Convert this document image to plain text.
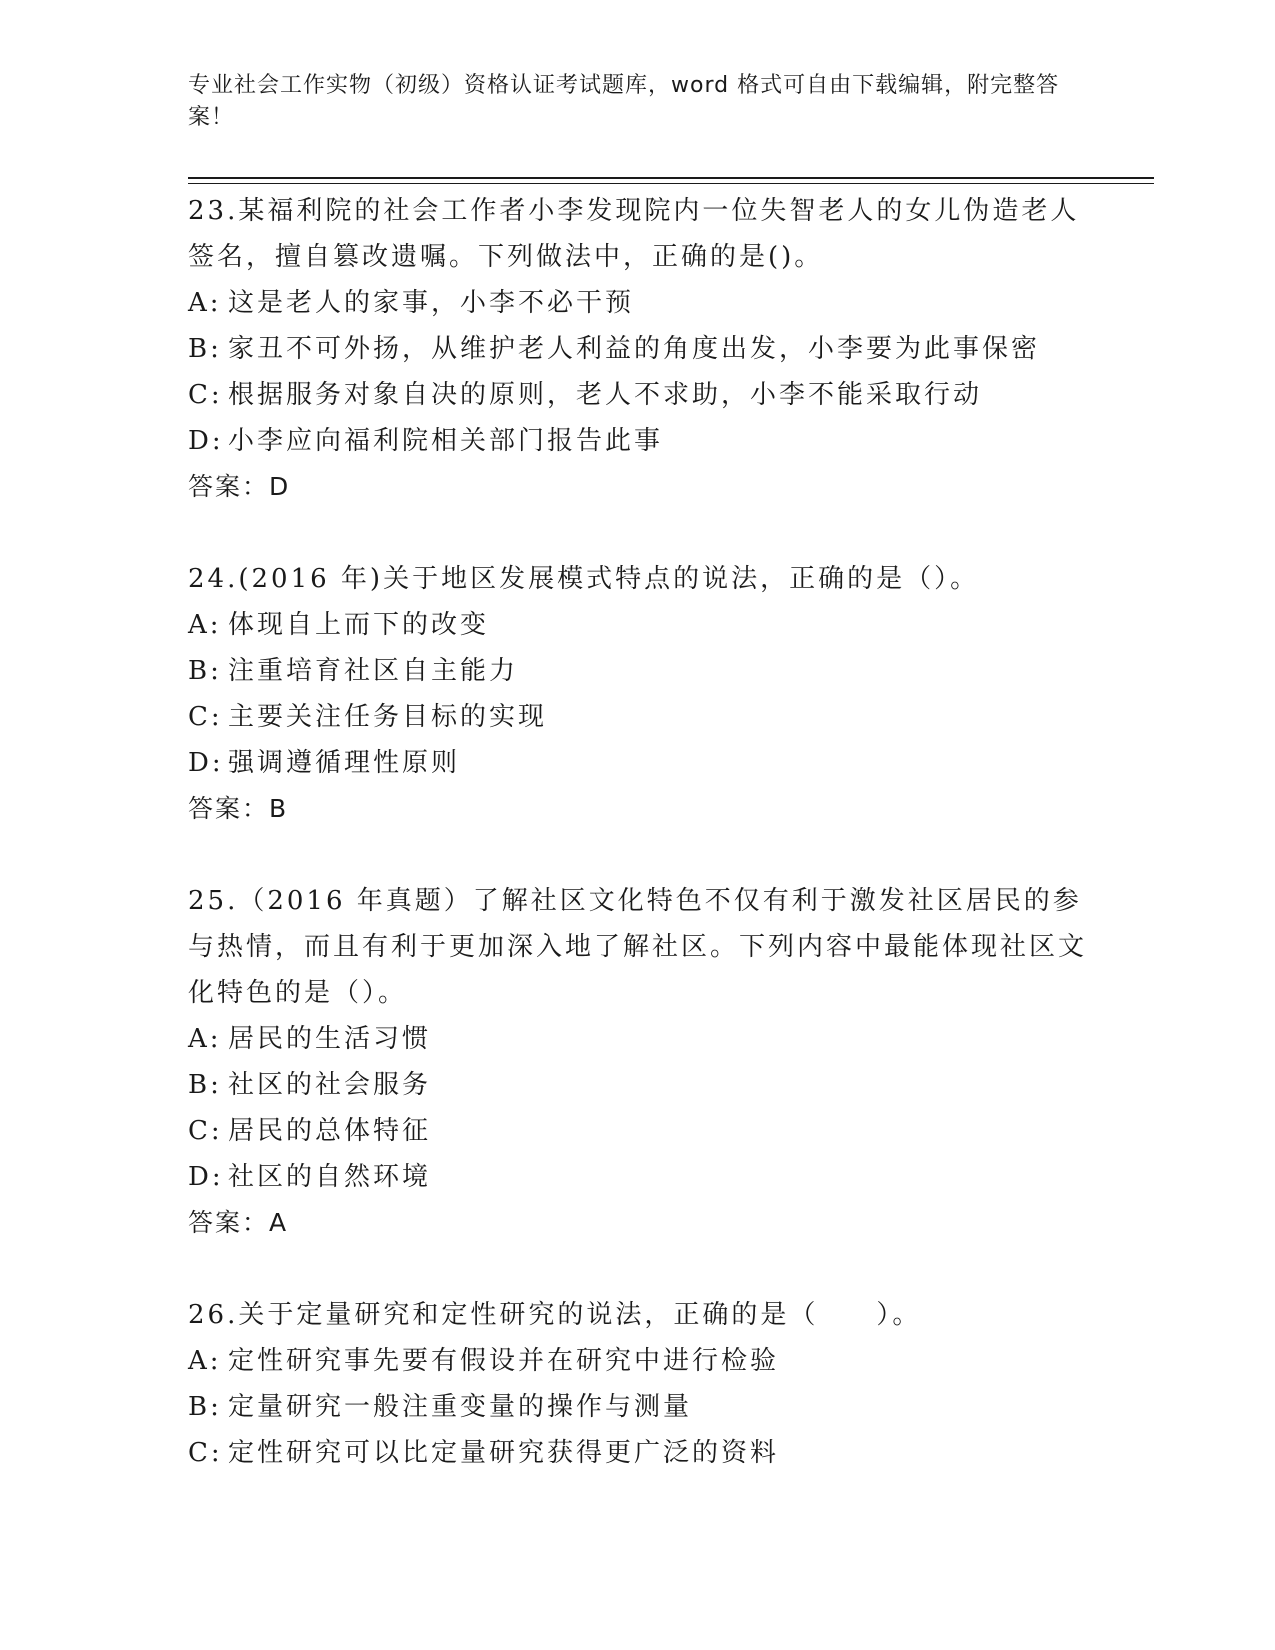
专业社会工作实物（初级）资格认证考试题库，word 格式可自由下载编辑，附完整答案！

23.某福利院的社会工作者小李发现院内一位失智老人的女儿伪造老人签名，擅自篡改遗嘱。下列做法中，正确的是()。

A: 这是老人的家事，小李不必干预

B: 家丑不可外扬，从维护老人利益的角度出发，小李要为此事保密

C: 根据服务对象自决的原则，老人不求助，小李不能采取行动

D: 小李应向福利院相关部门报告此事

答案：D

24.(2016 年)关于地区发展模式特点的说法，正确的是（）。

A: 体现自上而下的改变

B: 注重培育社区自主能力

C: 主要关注任务目标的实现

D: 强调遵循理性原则

答案：B

25.（2016 年真题）了解社区文化特色不仅有利于激发社区居民的参与热情，而且有利于更加深入地了解社区。下列内容中最能体现社区文化特色的是（）。

A: 居民的生活习惯

B: 社区的社会服务

C: 居民的总体特征

D: 社区的自然环境

答案：A

26.关于定量研究和定性研究的说法，正确的是（　　）。

A: 定性研究事先要有假设并在研究中进行检验

B: 定量研究一般注重变量的操作与测量

C: 定性研究可以比定量研究获得更广泛的资料
